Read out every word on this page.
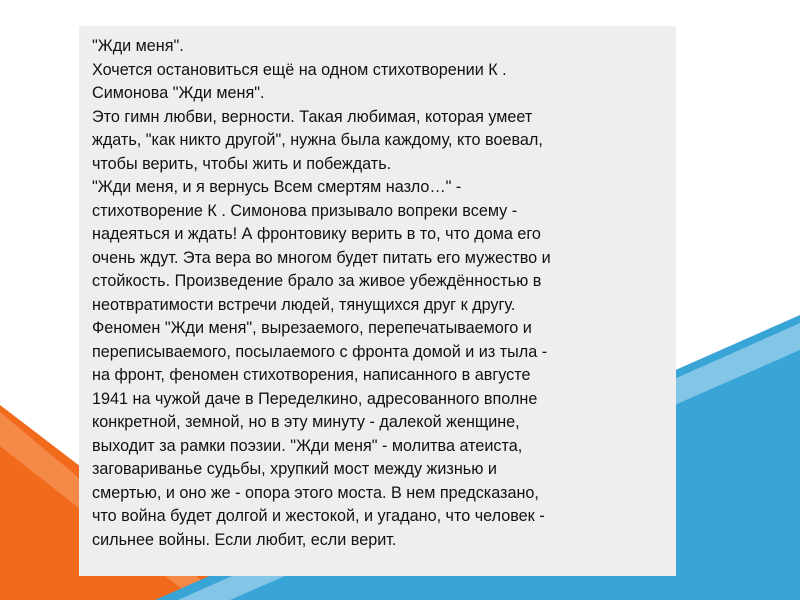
"Жди меня".
Хочется остановиться ещё на одном стихотворении К .
Симонова "Жди меня".
Это гимн любви, верности. Такая любимая, которая умеет
ждать, "как никто другой", нужна была каждому, кто воевал,
чтобы верить, чтобы жить и побеждать.
"Жди меня, и я вернусь Всем смертям назло…" -
стихотворение К . Симонова призывало вопреки всему -
надеяться и ждать! А фронтовику верить в то, что дома его
очень ждут. Эта вера во многом будет питать его мужество и
стойкость. Произведение брало за живое убеждённостью в
неотвратимости встречи людей, тянущихся друг к другу.
Феномен "Жди меня", вырезаемого, перепечатываемого и
переписываемого, посылаемого с фронта домой и из тыла -
на фронт, феномен стихотворения, написанного в августе
1941 на чужой даче в Переделкино, адресованного вполне
конкретной, земной, но в эту минуту - далекой женщине,
выходит за рамки поэзии. "Жди меня" - молитва атеиста,
заговариванье судьбы, хрупкий мост между жизнью и
смертью, и оно же - опора этого моста. В нем предсказано,
что война будет долгой и жестокой, и угадано, что человек -
сильнее войны. Если любит, если верит.
